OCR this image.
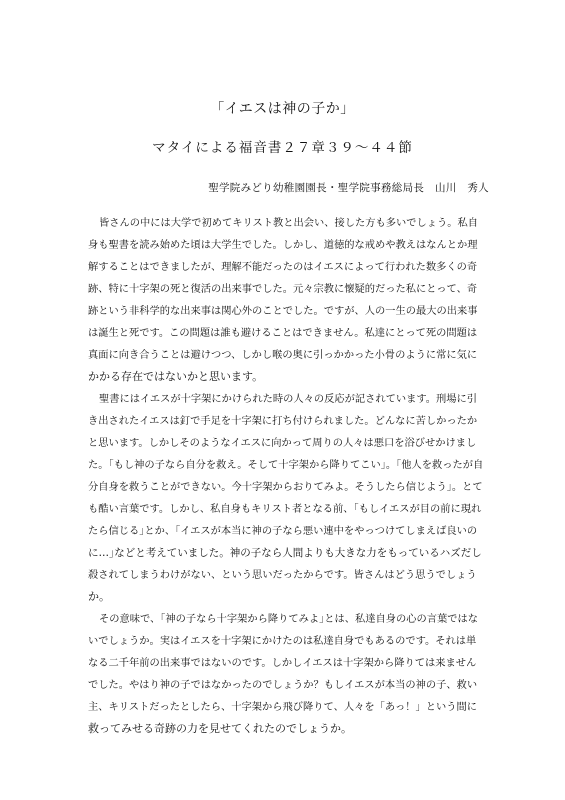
「イエスは神の子か」
マタイによる福音書２７章３９～４４節
聖学院みどり幼稚園園長・聖学院事務総局長　山川　秀人
皆さんの中には大学で初めてキリスト教と出会い、接した方も多いでしょう。私自
身も聖書を読み始めた頃は大学生でした。しかし、道徳的な戒めや教えはなんとか理
解することはできましたが、理解不能だったのはイエスによって行われた数多くの奇
跡、特に十字架の死と復活の出来事でした。元々宗教に懐疑的だった私にとって、奇
跡という非科学的な出来事は関心外のことでした。ですが、人の一生の最大の出来事
は誕生と死です。この問題は誰も避けることはできません。私達にとって死の問題は
真面に向き合うことは避けつつ、しかし喉の奥に引っかかった小骨のように常に気に
かかる存在ではないかと思います。
聖書にはイエスが十字架にかけられた時の人々の反応が記されています。刑場に引
き出されたイエスは釘で手足を十字架に打ち付けられました。どんなに苦しかったか
と思います。しかしそのようなイエスに向かって周りの人々は悪口を浴びせかけまし
た。｢もし神の子なら自分を救え。そして十字架から降りてこい｣。｢他人を救ったが自
分自身を救うことができない。今十字架からおりてみよ。そうしたら信じよう｣。とて
も酷い言葉です。しかし、私自身もキリスト者となる前、｢もしイエスが目の前に現れ
たら信じる｣とか、｢イエスが本当に神の子なら悪い連中をやっつけてしまえば良いの
に…｣などと考えていました。神の子なら人間よりも大きな力をもっているハズだし
殺されてしまうわけがない、という思いだったからです。皆さんはどう思うでしょう
か。
その意味で、｢神の子なら十字架から降りてみよ｣とは、私達自身の心の言葉ではな
いでしょうか。実はイエスを十字架にかけたのは私達自身でもあるのです。それは単
なる二千年前の出来事ではないのです。しかしイエスは十字架から降りては来ません
でした。やはり神の子ではなかったのでしょうか？もしイエスが本当の神の子、救い
主、キリストだったとしたら、十字架から飛び降りて、人々を「あっ！」という間に
救ってみせる奇跡の力を見せてくれたのでしょうか。
